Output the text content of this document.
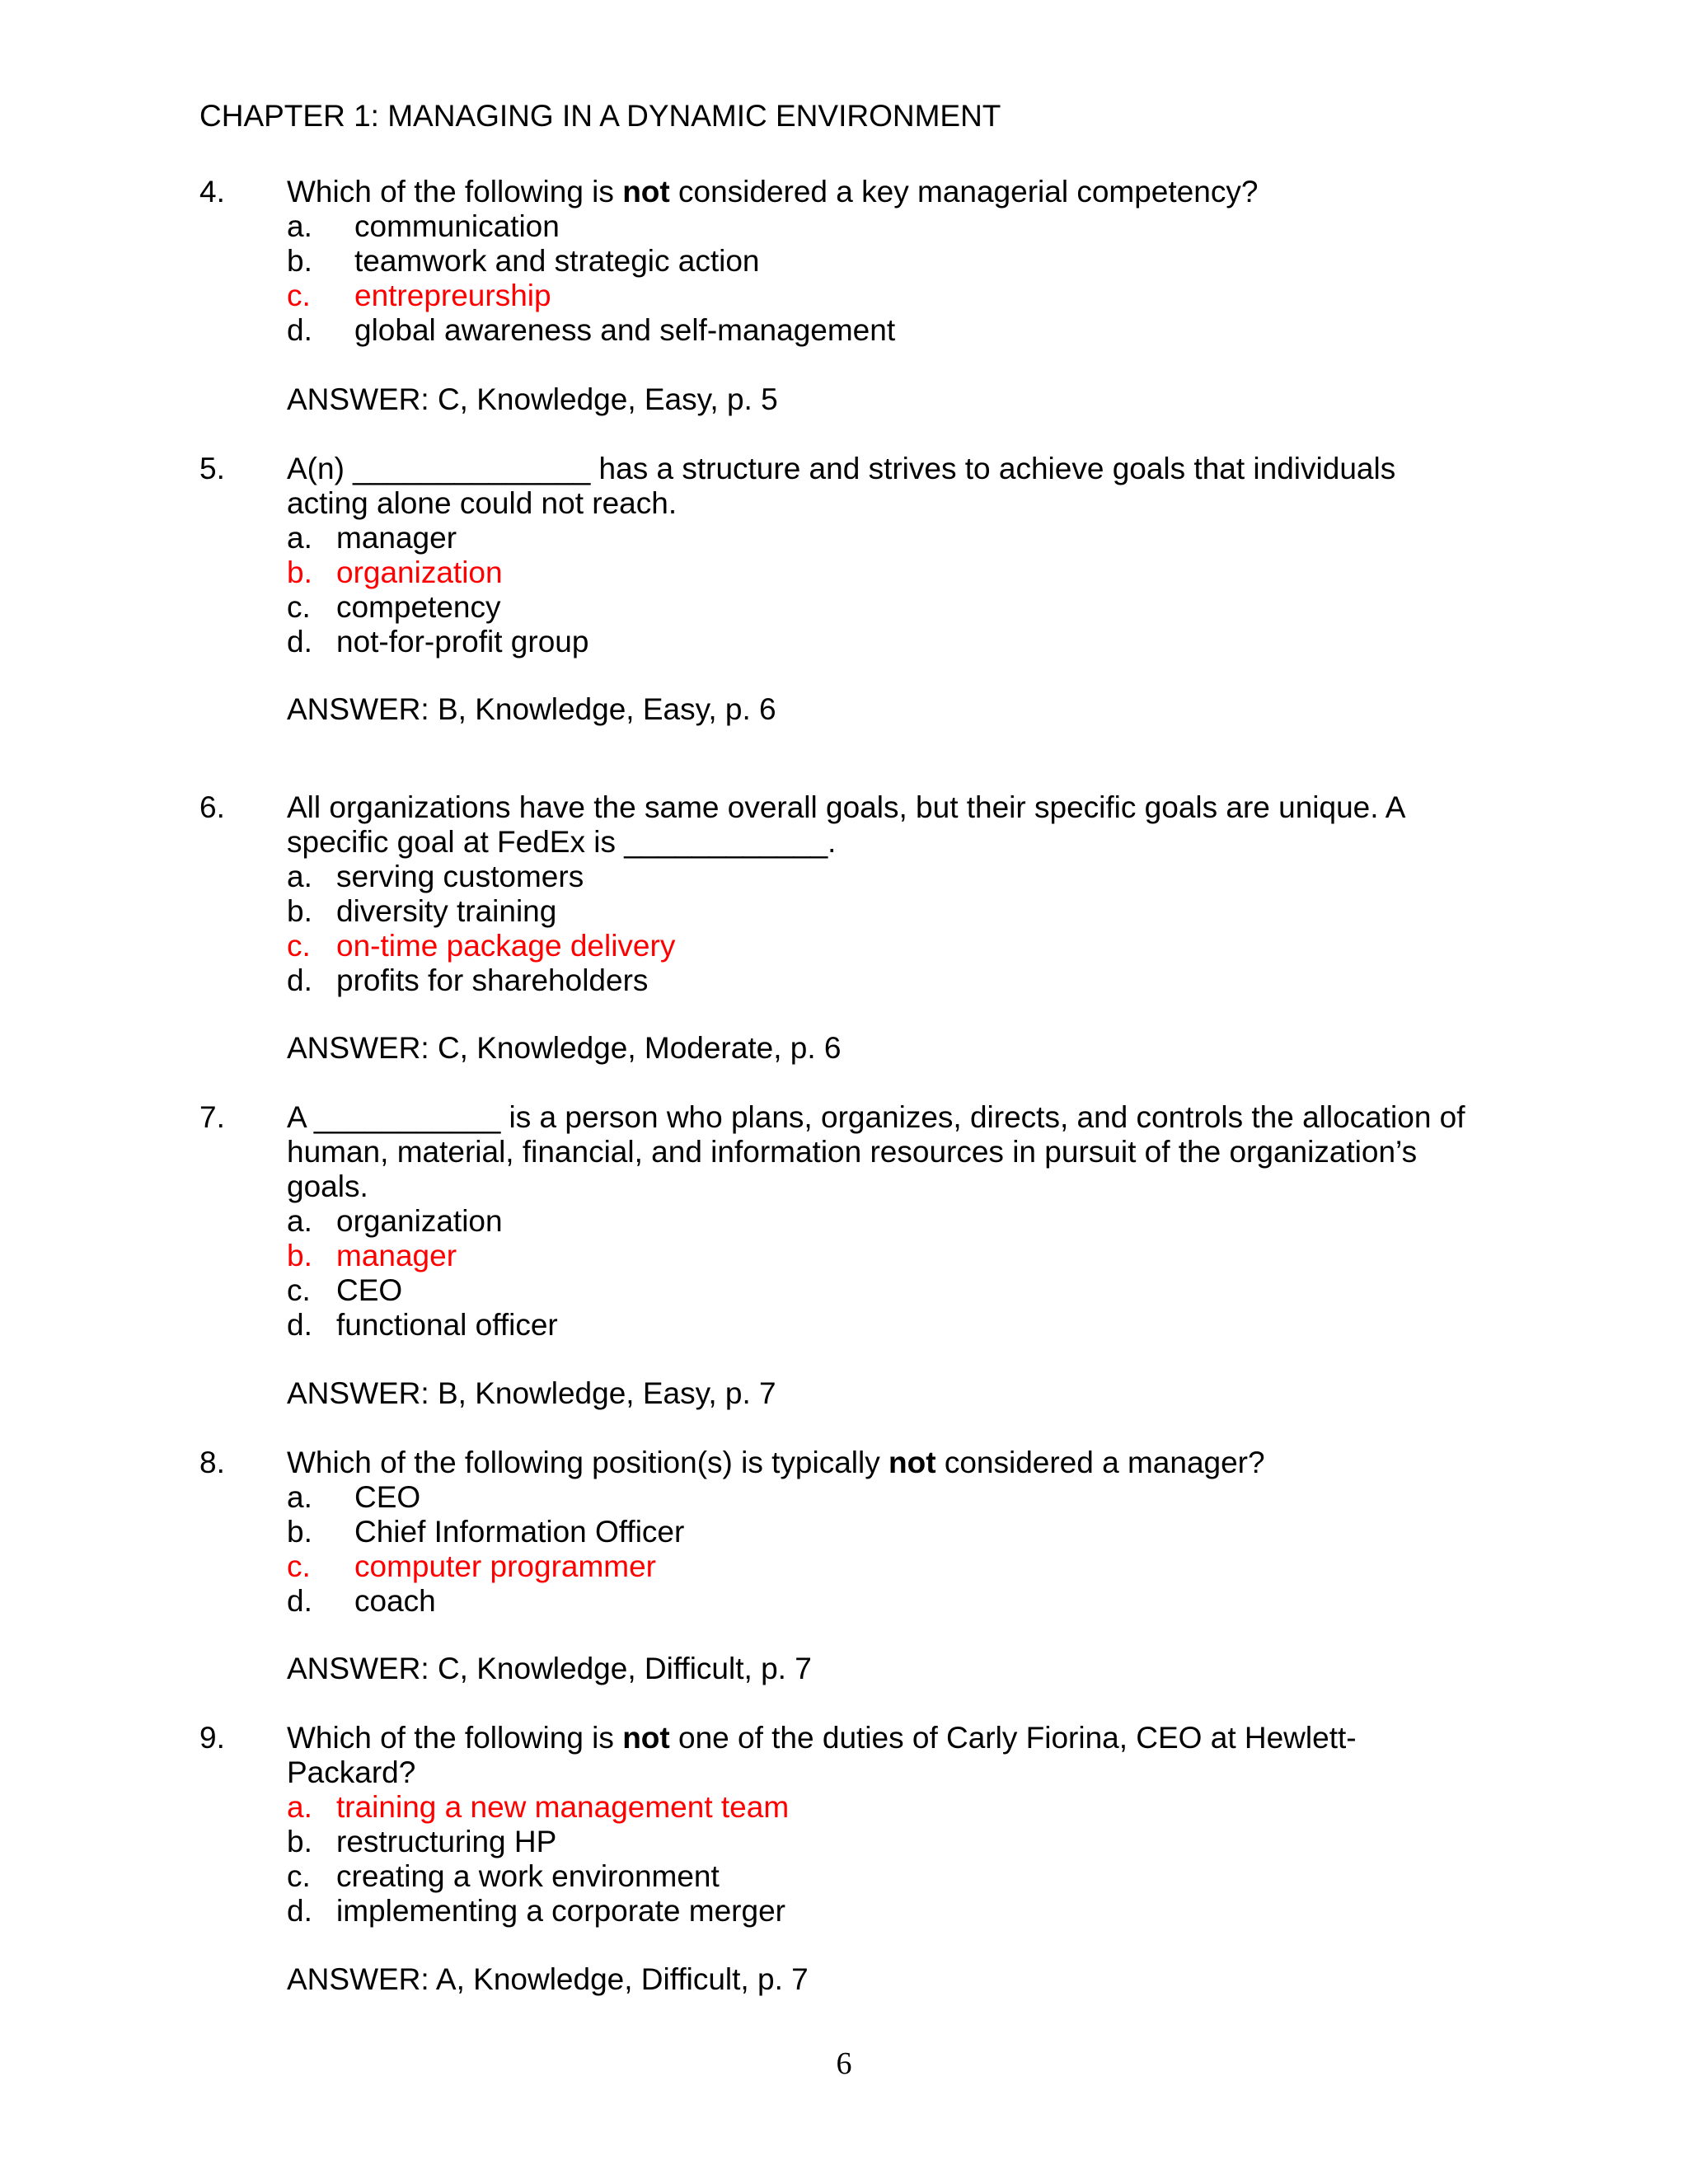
CHAPTER 1: MANAGING IN A DYNAMIC ENVIRONMENT
4. Which of the following is not considered a key managerial competency?
a. communication
b. teamwork and strategic action
c. entrepreurship
d. global awareness and self-management
ANSWER: C, Knowledge, Easy, p. 5
5. A(n) ______________ has a structure and strives to achieve goals that individuals
acting alone could not reach.
a. manager
b. organization
c. competency
d. not-for-profit group
ANSWER: B, Knowledge, Easy, p. 6
6. All organizations have the same overall goals, but their specific goals are unique. A
specific goal at FedEx is ____________.
a. serving customers
b. diversity training
c. on-time package delivery
d. profits for shareholders
ANSWER: C, Knowledge, Moderate, p. 6
7. A ___________ is a person who plans, organizes, directs, and controls the allocation of
human, material, financial, and information resources in pursuit of the organization’s
goals.
a. organization
b. manager
c. CEO
d. functional officer
ANSWER: B, Knowledge, Easy, p. 7
8. Which of the following position(s) is typically not considered a manager?
a. CEO
b. Chief Information Officer
c. computer programmer
d. coach
ANSWER: C, Knowledge, Difficult, p. 7
9. Which of the following is not one of the duties of Carly Fiorina, CEO at Hewlett-
Packard?
a. training a new management team
b. restructuring HP
c. creating a work environment
d. implementing a corporate merger
ANSWER: A, Knowledge, Difficult, p. 7
6
